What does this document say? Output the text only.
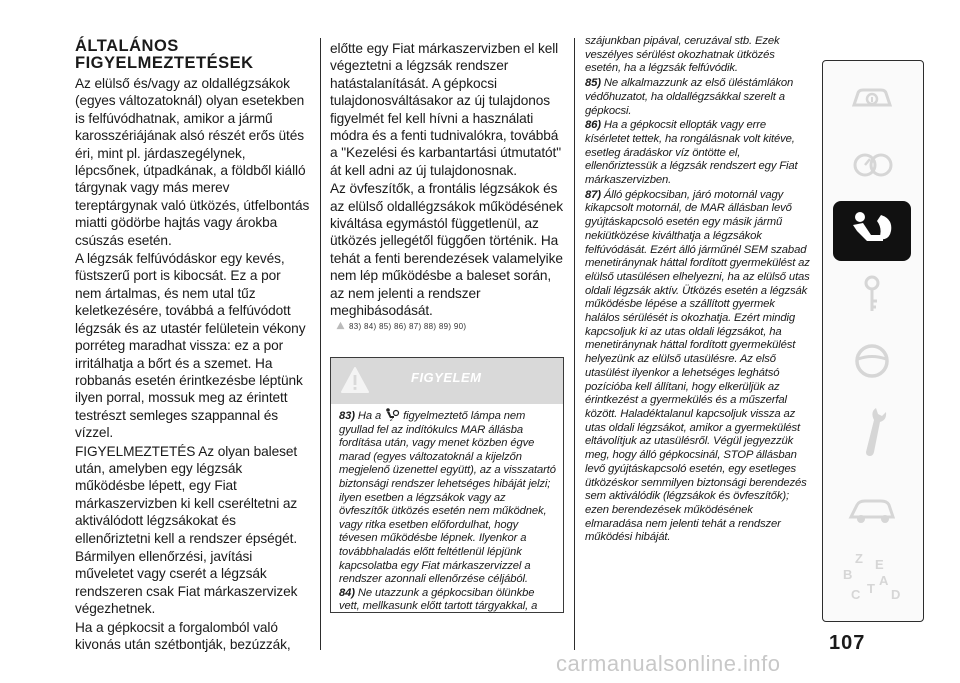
ÁLTALÁNOS

FIGYELMEZTETÉSEK

Az elülső és/vagy az oldallégzsákok (egyes változatoknál) olyan esetekben is felfúvódhatnak, amikor a jármű karosszériájának alsó részét erős ütés éri, mint pl. járdaszegélynek, lépcsőnek, útpadkának, a földből kiálló tárgynak vagy más merev tereptárgynak való ütközés, útfelbontás miatti gödörbe hajtás vagy árokba csúszás esetén.

A légzsák felfúvódáskor egy kevés, füstszerű port is kibocsát. Ez a por nem ártalmas, és nem utal tűz keletkezésére, továbbá a felfúvódott légzsák és az utastér felületein vékony porréteg maradhat vissza: ez a por irritálhatja a bőrt és a szemet. Ha robbanás esetén érintkezésbe léptünk ilyen porral, mossuk meg az érintett testrészt semleges szappannal és vízzel.

FIGYELMEZTETÉS Az olyan baleset után, amelyben egy légzsák működésbe lépett, egy Fiat márkaszervizben ki kell cseréltetni az aktiválódott légzsákokat és ellenőriztetni kell a rendszer épségét.

Bármilyen ellenőrzési, javítási műveletet vagy cserét a légzsák rendszeren csak Fiat márkaszervizek végezhetnek.

Ha a gépkocsit a forgalomból való kivonás után szétbontják, bezúzzák,

előtte egy Fiat márkaszervizben el kell végeztetni a légzsák rendszer hatástalanítását. A gépkocsi tulajdonosváltásakor az új tulajdonos figyelmét fel kell hívni a használati módra és a fenti tudnivalókra, továbbá a "Kezelési és karbantartási útmutatót" át kell adni az új tulajdonosnak.

Az övfeszítők, a frontális légzsákok és az elülső oldallégzsákok működésének kiváltása egymástól függetlenül, az ütközés jellegétől függően történik. Ha tehát a fenti berendezések valamelyike nem lép működésbe a baleset során, az nem jelenti a rendszer meghibásodását.

83) 84) 85) 86) 87) 88) 89) 90)
FIGYELEM
83) Ha a 2 figyelmeztető lámpa nem gyullad fel az indítókulcs MAR állásba fordítása után, vagy menet közben égve marad (egyes változatoknál a kijelzőn megjelenő üzenettel együtt), az a visszatartó biztonsági rendszer lehetséges hibáját jelzi; ilyen esetben a légzsákok vagy az övfeszítők ütközés esetén nem működnek, vagy ritka esetben előfordulhat, hogy tévesen működésbe lépnek. Ilyenkor a továbbhaladás előtt feltétlenül lépjünk kapcsolatba egy Fiat márkaszervizzel a rendszer azonnali ellenőrzése céljából.
84) Ne utazzunk a gépkocsiban ölünkbe vett, mellkasunk előtt tartott tárgyakkal, a

szájunkban pipával, ceruzával stb. Ezek veszélyes sérülést okozhatnak ütközés esetén, ha a légzsák felfúvódik.

85) Ne alkalmazzunk az első üléstámlákon védőhuzatot, ha oldallégzsákkal szerelt a gépkocsi.

86) Ha a gépkocsit ellopták vagy erre kísérletet tettek, ha rongálásnak volt kitéve, esetleg áradáskor víz öntötte el, ellenőriztessük a légzsák rendszert egy Fiat márkaszervizben.

87) Álló gépkocsiban, járó motornál vagy kikapcsolt motornál, de MAR állásban levő gyújtáskapcsoló esetén egy másik jármű nekiütközése kiválthatja a légzsákok felfúvódását. Ezért álló járműnél SEM szabad menetiránynak háttal fordított gyermekülést az elülső utasülésen elhelyezni, ha az elülső utas oldali légzsák aktív. Ütközés esetén a légzsák működésbe lépése a szállított gyermek halálos sérülését is okozhatja. Ezért mindig kapcsoljuk ki az utas oldali légzsákot, ha menetiránynak háttal fordított gyermekülést helyezünk az elülső utasülésre. Az első utasülést ilyenkor a lehetséges leghátsó pozícióba kell állítani, hogy elkerüljük az érintkezést a gyermekülés és a műszerfal között. Haladéktalanul kapcsoljuk vissza az utas oldali légzsákot, amikor a gyermekülést eltávolítjuk az utasülésről. Végül jegyezzük meg, hogy álló gépkocsinál, STOP állásban levő gyújtáskapcsoló esetén, egy esetleges ütközéskor semmilyen biztonsági berendezés sem aktiválódik (légzsákok és övfeszítők); ezen berendezések működésének elmaradása nem jelenti tehát a rendszer működési hibáját.

Z E
A
B
C T D
107
carmanualsonline.info
